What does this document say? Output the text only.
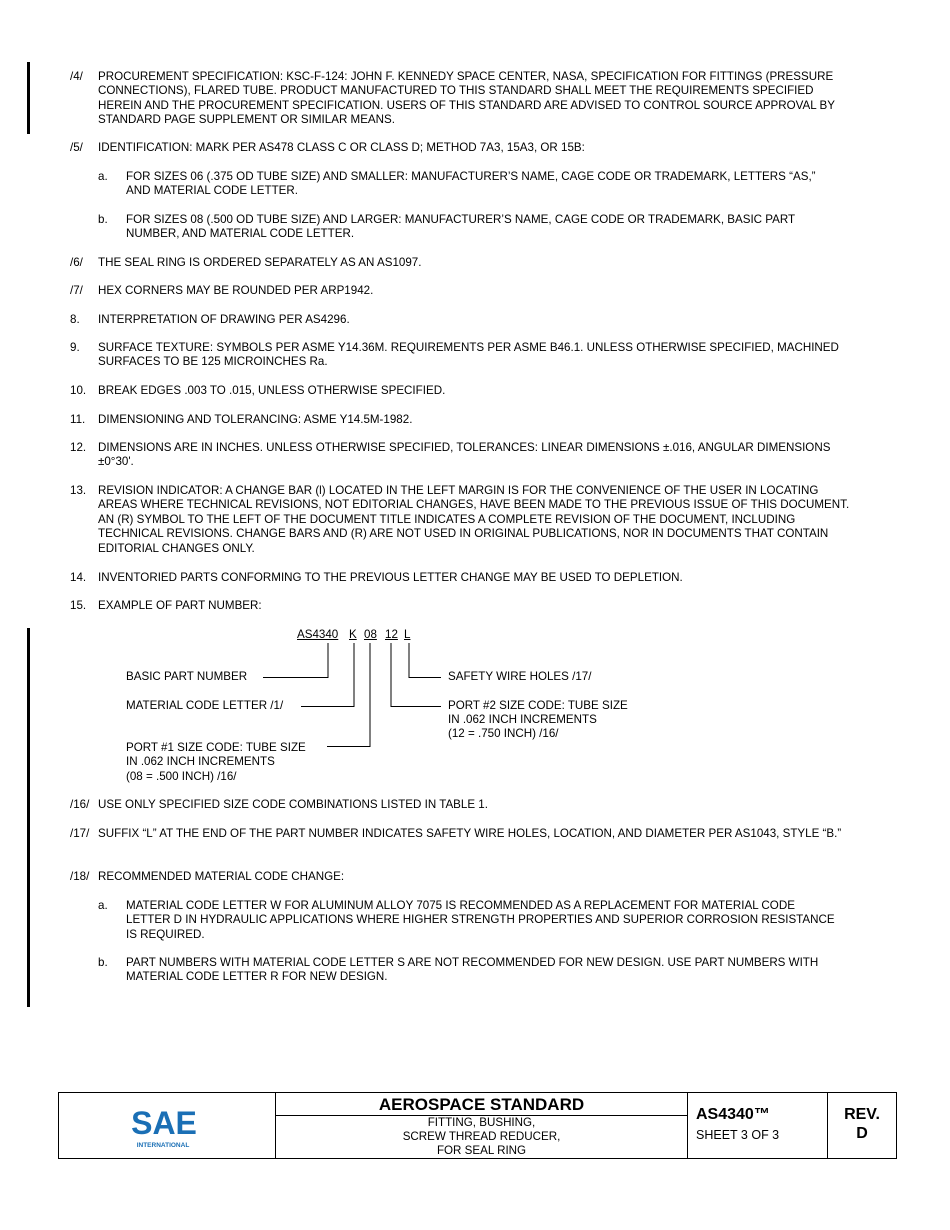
/4/	PROCUREMENT SPECIFICATION: KSC-F-124: JOHN F. KENNEDY SPACE CENTER, NASA, SPECIFICATION FOR FITTINGS (PRESSURE CONNECTIONS), FLARED TUBE. PRODUCT MANUFACTURED TO THIS STANDARD SHALL MEET THE REQUIREMENTS SPECIFIED HEREIN AND THE PROCUREMENT SPECIFICATION. USERS OF THIS STANDARD ARE ADVISED TO CONTROL SOURCE APPROVAL BY STANDARD PAGE SUPPLEMENT OR SIMILAR MEANS.
/5/	IDENTIFICATION: MARK PER AS478 CLASS C OR CLASS D; METHOD 7A3, 15A3, OR 15B:
a.	FOR SIZES 06 (.375 OD TUBE SIZE) AND SMALLER: MANUFACTURER’S NAME, CAGE CODE OR TRADEMARK, LETTERS “AS,” AND MATERIAL CODE LETTER.
b.	FOR SIZES 08 (.500 OD TUBE SIZE) AND LARGER: MANUFACTURER’S NAME, CAGE CODE OR TRADEMARK, BASIC PART NUMBER, AND MATERIAL CODE LETTER.
/6/	THE SEAL RING IS ORDERED SEPARATELY AS AN AS1097.
/7/	HEX CORNERS MAY BE ROUNDED PER ARP1942.
8.	INTERPRETATION OF DRAWING PER AS4296.
9.	SURFACE TEXTURE: SYMBOLS PER ASME Y14.36M. REQUIREMENTS PER ASME B46.1. UNLESS OTHERWISE SPECIFIED, MACHINED SURFACES TO BE 125 MICROINCHES Ra.
10.	BREAK EDGES .003 TO .015, UNLESS OTHERWISE SPECIFIED.
11.	DIMENSIONING AND TOLERANCING: ASME Y14.5M-1982.
12.	DIMENSIONS ARE IN INCHES. UNLESS OTHERWISE SPECIFIED, TOLERANCES: LINEAR DIMENSIONS ±.016, ANGULAR DIMENSIONS ±0°30'.
13.	REVISION INDICATOR: A CHANGE BAR (l) LOCATED IN THE LEFT MARGIN IS FOR THE CONVENIENCE OF THE USER IN LOCATING AREAS WHERE TECHNICAL REVISIONS, NOT EDITORIAL CHANGES, HAVE BEEN MADE TO THE PREVIOUS ISSUE OF THIS DOCUMENT. AN (R) SYMBOL TO THE LEFT OF THE DOCUMENT TITLE INDICATES A COMPLETE REVISION OF THE DOCUMENT, INCLUDING TECHNICAL REVISIONS. CHANGE BARS AND (R) ARE NOT USED IN ORIGINAL PUBLICATIONS, NOR IN DOCUMENTS THAT CONTAIN EDITORIAL CHANGES ONLY.
14.	INVENTORIED PARTS CONFORMING TO THE PREVIOUS LETTER CHANGE MAY BE USED TO DEPLETION.
15.	EXAMPLE OF PART NUMBER:
AS4340 K 08 12 L
BASIC PART NUMBER
MATERIAL CODE LETTER /1/
PORT #1 SIZE CODE: TUBE SIZE
IN .062 INCH INCREMENTS
(08 = .500 INCH) /16/
SAFETY WIRE HOLES /17/
PORT #2 SIZE CODE: TUBE SIZE
IN .062 INCH INCREMENTS
(12 = .750 INCH) /16/
/16/ USE ONLY SPECIFIED SIZE CODE COMBINATIONS LISTED IN TABLE 1.
/17/ SUFFIX “L” AT THE END OF THE PART NUMBER INDICATES SAFETY WIRE HOLES, LOCATION, AND DIAMETER PER AS1043, STYLE “B.”
/18/ RECOMMENDED MATERIAL CODE CHANGE:
a.	MATERIAL CODE LETTER W FOR ALUMINUM ALLOY 7075 IS RECOMMENDED AS A REPLACEMENT FOR MATERIAL CODE LETTER D IN HYDRAULIC APPLICATIONS WHERE HIGHER STRENGTH PROPERTIES AND SUPERIOR CORROSION RESISTANCE IS REQUIRED.
b.	PART NUMBERS WITH MATERIAL CODE LETTER S ARE NOT RECOMMENDED FOR NEW DESIGN. USE PART NUMBERS WITH MATERIAL CODE LETTER R FOR NEW DESIGN.
SAE
INTERNATIONAL
AEROSPACE STANDARD
FITTING, BUSHING,
SCREW THREAD REDUCER,
FOR SEAL RING
AS4340™
SHEET 3 OF 3
REV.
D
